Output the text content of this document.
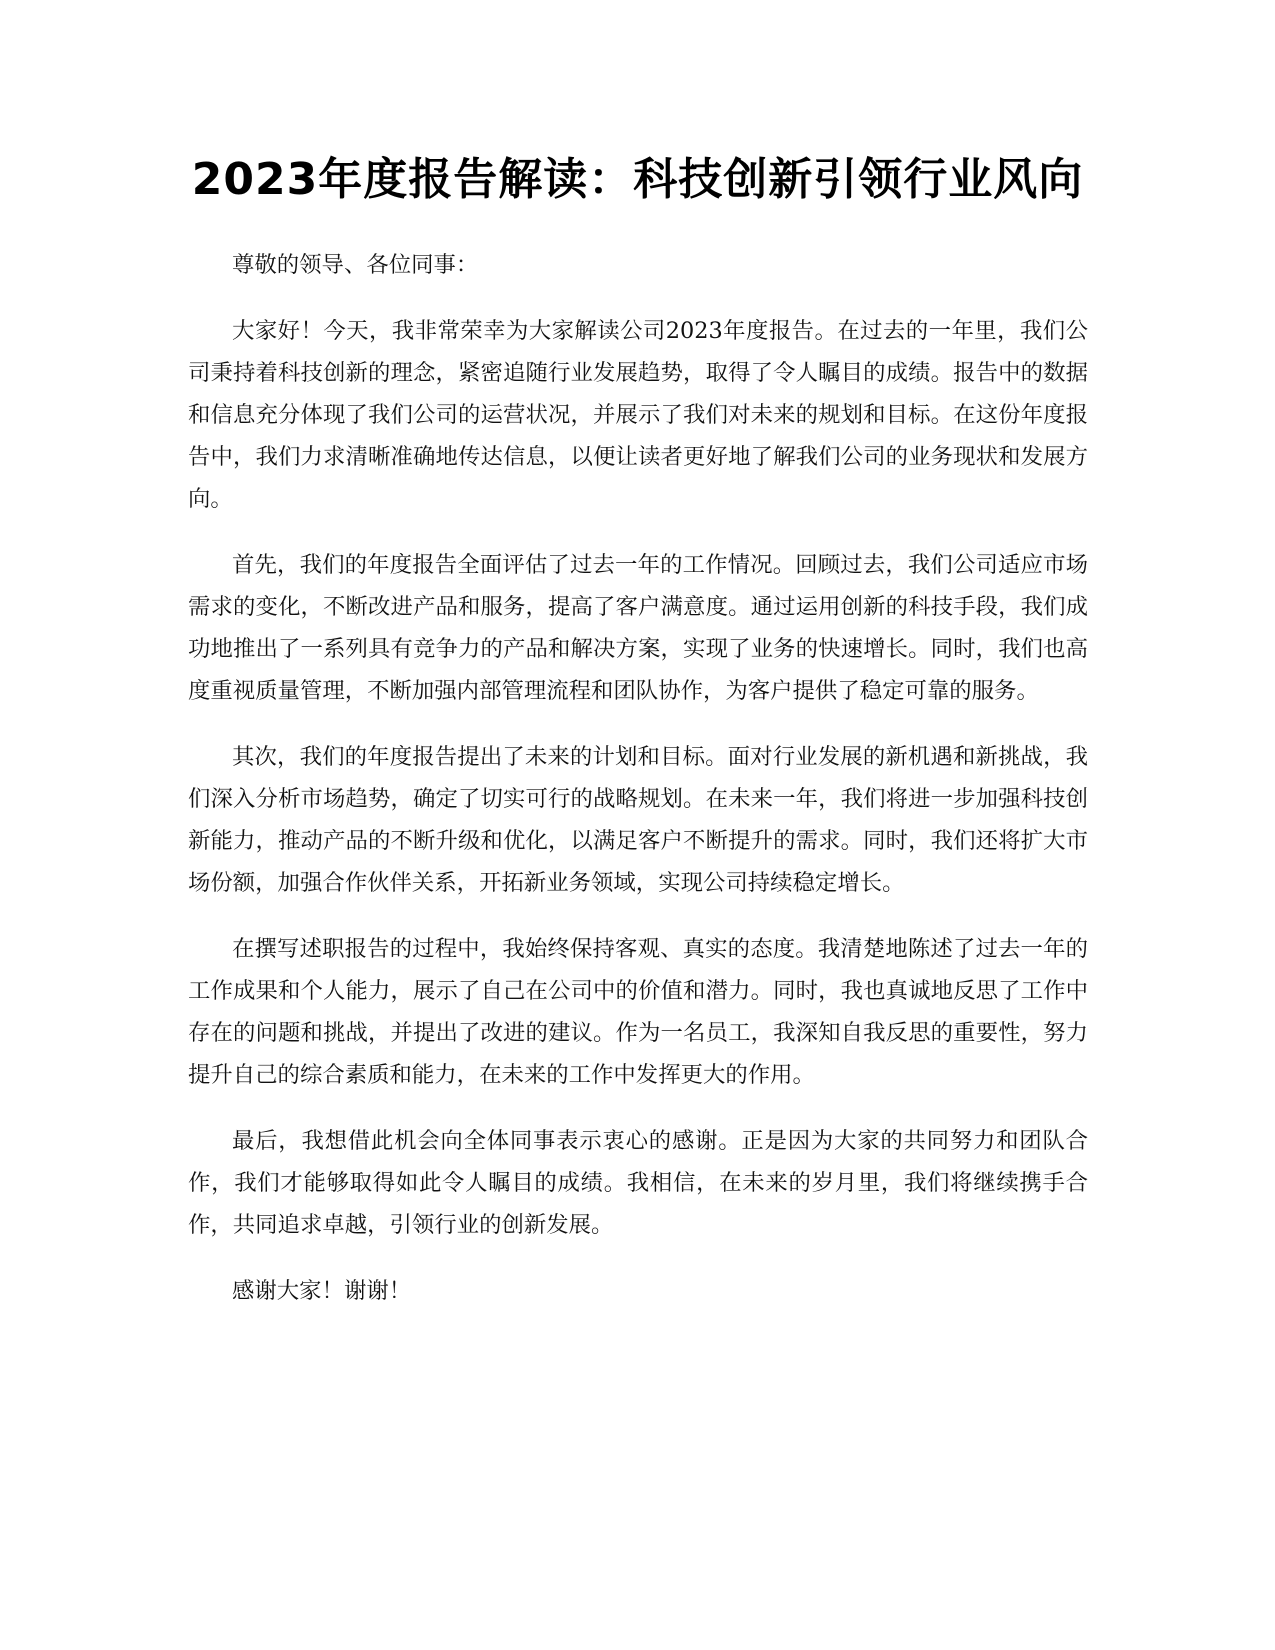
2023年度报告解读：科技创新引领行业风向

尊敬的领导、各位同事：

大家好！今天，我非常荣幸为大家解读公司2023年度报告。在过去的一年里，我们公司秉持着科技创新的理念，紧密追随行业发展趋势，取得了令人瞩目的成绩。报告中的数据和信息充分体现了我们公司的运营状况，并展示了我们对未来的规划和目标。在这份年度报告中，我们力求清晰准确地传达信息，以便让读者更好地了解我们公司的业务现状和发展方向。

首先，我们的年度报告全面评估了过去一年的工作情况。回顾过去，我们公司适应市场需求的变化，不断改进产品和服务，提高了客户满意度。通过运用创新的科技手段，我们成功地推出了一系列具有竞争力的产品和解决方案，实现了业务的快速增长。同时，我们也高度重视质量管理，不断加强内部管理流程和团队协作，为客户提供了稳定可靠的服务。

其次，我们的年度报告提出了未来的计划和目标。面对行业发展的新机遇和新挑战，我们深入分析市场趋势，确定了切实可行的战略规划。在未来一年，我们将进一步加强科技创新能力，推动产品的不断升级和优化，以满足客户不断提升的需求。同时，我们还将扩大市场份额，加强合作伙伴关系，开拓新业务领域，实现公司持续稳定增长。

在撰写述职报告的过程中，我始终保持客观、真实的态度。我清楚地陈述了过去一年的工作成果和个人能力，展示了自己在公司中的价值和潜力。同时，我也真诚地反思了工作中存在的问题和挑战，并提出了改进的建议。作为一名员工，我深知自我反思的重要性，努力提升自己的综合素质和能力，在未来的工作中发挥更大的作用。

最后，我想借此机会向全体同事表示衷心的感谢。正是因为大家的共同努力和团队合作，我们才能够取得如此令人瞩目的成绩。我相信，在未来的岁月里，我们将继续携手合作，共同追求卓越，引领行业的创新发展。

感谢大家！谢谢！
